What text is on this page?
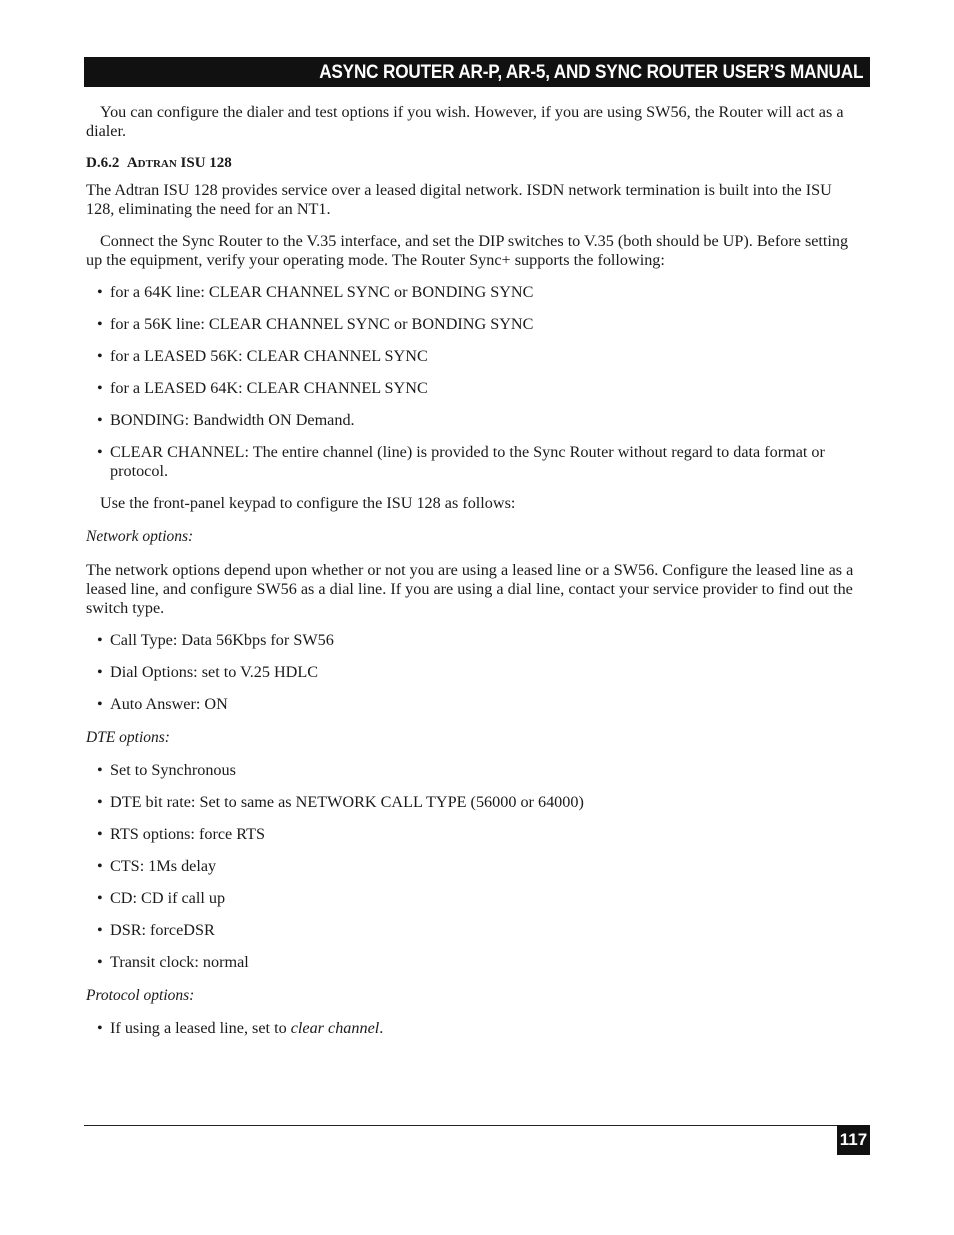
ASYNC ROUTER AR-P, AR-5, AND SYNC ROUTER USER’S MANUAL

You can configure the dialer and test options if you wish. However, if you are using SW56, the Router will act as a dialer.

D.6.2 Adtran ISU 128

The Adtran ISU 128 provides service over a leased digital network. ISDN network termination is built into the ISU 128, eliminating the need for an NT1.

Connect the Sync Router to the V.35 interface, and set the DIP switches to V.35 (both should be UP). Before setting up the equipment, verify your operating mode. The Router Sync+ supports the following:

• for a 64K line: CLEAR CHANNEL SYNC or BONDING SYNC

• for a 56K line: CLEAR CHANNEL SYNC or BONDING SYNC

• for a LEASED 56K: CLEAR CHANNEL SYNC

• for a LEASED 64K: CLEAR CHANNEL SYNC

• BONDING: Bandwidth ON Demand.

• CLEAR CHANNEL: The entire channel (line) is provided to the Sync Router without regard to data format or protocol.

Use the front-panel keypad to configure the ISU 128 as follows:

Network options:

The network options depend upon whether or not you are using a leased line or a SW56. Configure the leased line as a leased line, and configure SW56 as a dial line. If you are using a dial line, contact your service provider to find out the switch type.

• Call Type: Data 56Kbps for SW56

• Dial Options: set to V.25 HDLC

• Auto Answer: ON

DTE options:

• Set to Synchronous

• DTE bit rate: Set to same as NETWORK CALL TYPE (56000 or 64000)

• RTS options: force RTS

• CTS: 1Ms delay

• CD: CD if call up

• DSR: forceDSR

• Transit clock: normal

Protocol options:

• If using a leased line, set to clear channel.

117
